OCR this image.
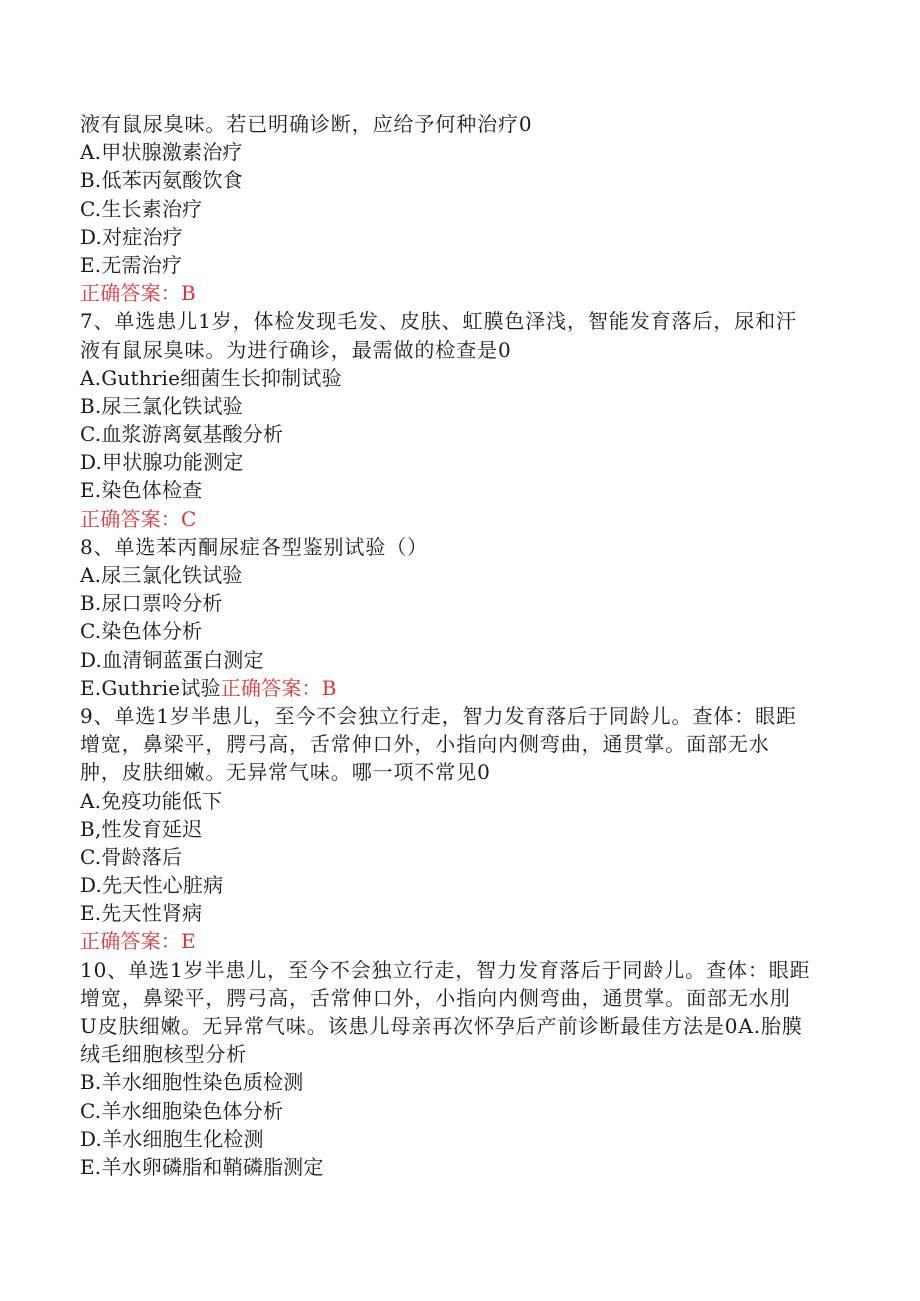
液有鼠尿臭味。若已明确诊断，应给予何种治疗0
A.甲状腺激素治疗
B.低苯丙氨酸饮食
C.生长素治疗
D.对症治疗
E.无需治疗
正确答案：B
7、单选患儿1岁，体检发现毛发、皮肤、虹膜色泽浅，智能发育落后，尿和汗
液有鼠尿臭味。为进行确诊，最需做的检查是0
A.Guthrie细菌生长抑制试验
B.尿三氯化铁试验
C.血浆游离氨基酸分析
D.甲状腺功能测定
E.染色体检查
正确答案：C
8、单选苯丙酮尿症各型鉴别试验（）
A.尿三氯化铁试验
B.尿口票呤分析
C.染色体分析
D.血清铜蓝蛋白测定
E.Guthrie试验正确答案：B
9、单选1岁半患儿，至今不会独立行走，智力发育落后于同龄儿。查体：眼距
增宽，鼻梁平，腭弓高，舌常伸口外，小指向内侧弯曲，通贯掌。面部无水
肿，皮肤细嫩。无异常气味。哪一项不常见0
A.免疫功能低下
B,性发育延迟
C.骨龄落后
D.先天性心脏病
E.先天性肾病
正确答案：E
10、单选1岁半患儿，至今不会独立行走，智力发育落后于同龄儿。查体：眼距
增宽，鼻梁平，腭弓高，舌常伸口外，小指向内侧弯曲，通贯掌。面部无水刖
U皮肤细嫩。无异常气味。该患儿母亲再次怀孕后产前诊断最佳方法是0A.胎膜
绒毛细胞核型分析
B.羊水细胞性染色质检测
C.羊水细胞染色体分析
D.羊水细胞生化检测
E.羊水卵磷脂和鞘磷脂测定
